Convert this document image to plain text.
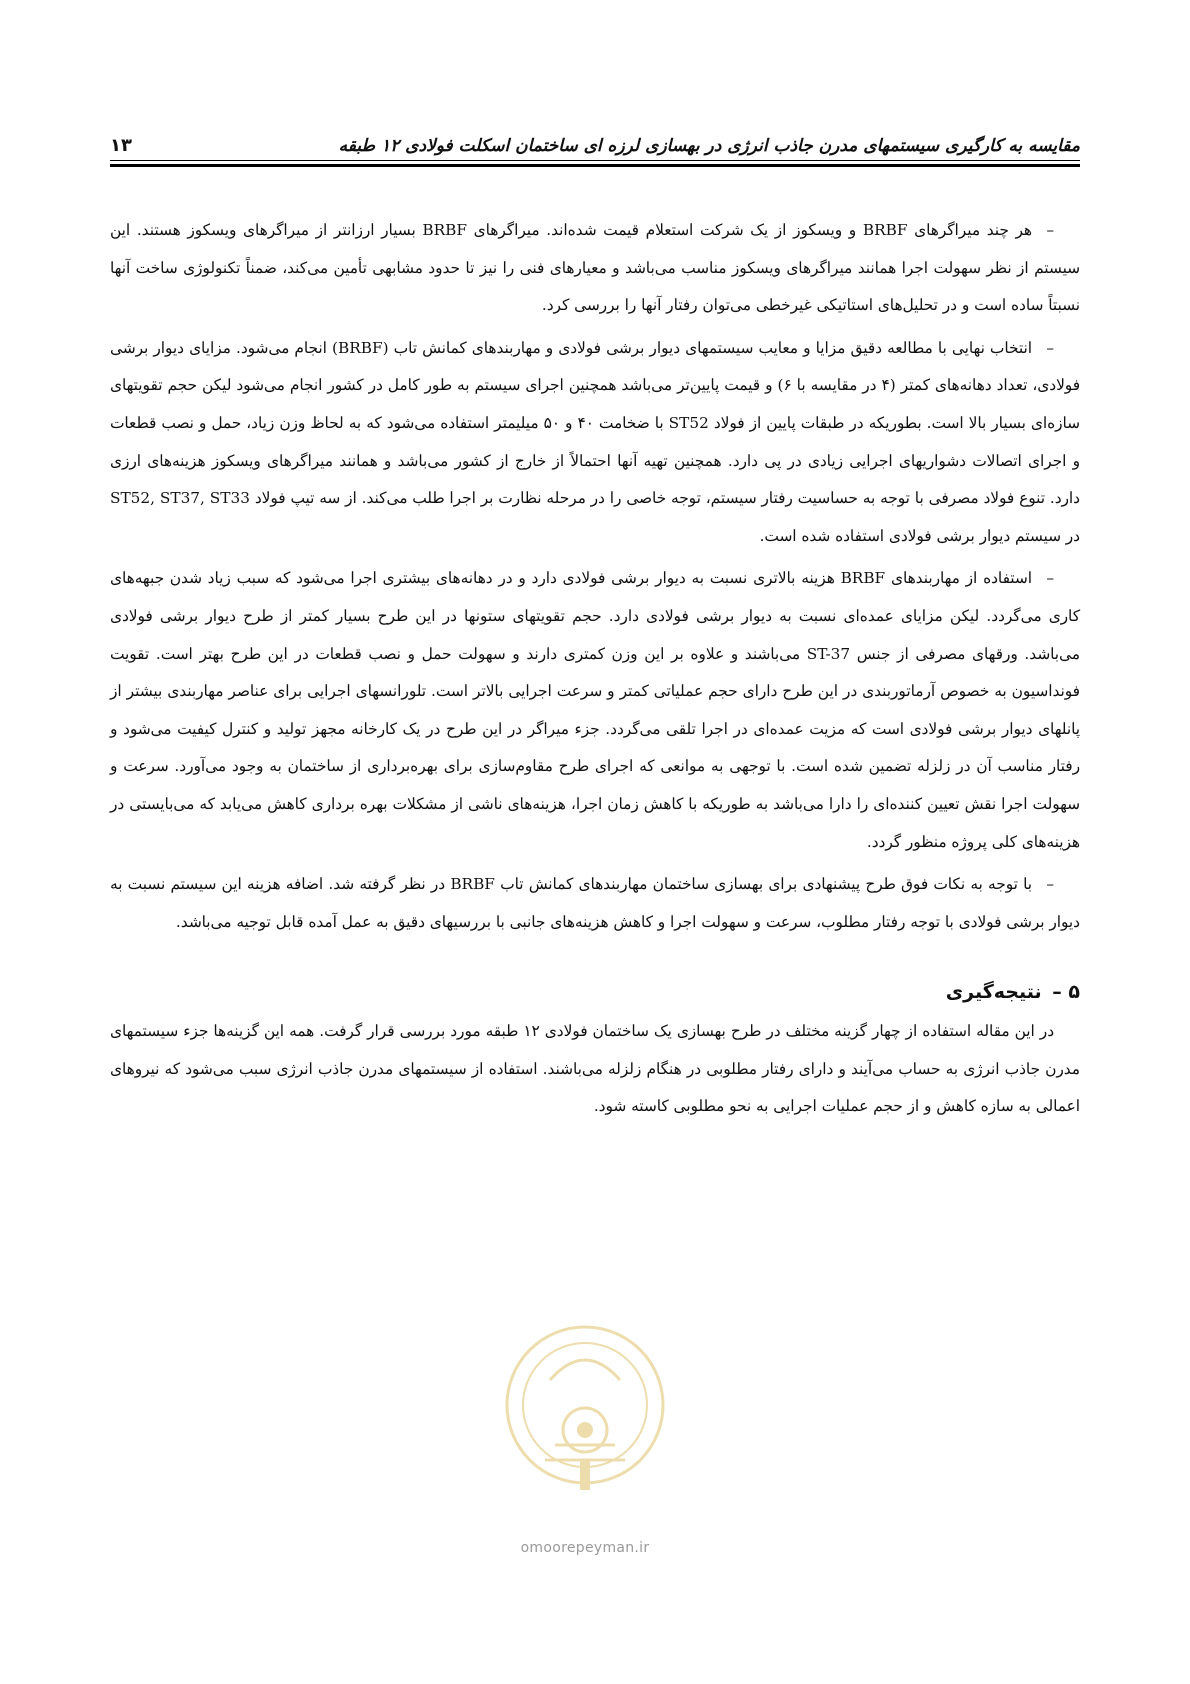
مقایسه به کارگیری سیستمهای مدرن جاذب انرژی در بهسازی لرزه ای ساختمان اسکلت فولادی ۱۲ طبقه
۱۳

–هر چند میراگرهای BRBF و ویسکوز از یک شرکت استعلام قیمت شده‌اند. میراگرهای BRBF بسیار ارزانتر از میراگرهای ویسکوز هستند. این سیستم از نظر سهولت اجرا همانند میراگرهای ویسکوز مناسب می‌باشد و معیارهای فنی را نیز تا حدود مشابهی تأمین می‌کند، ضمناً تکنولوژی ساخت آنها نسبتاً ساده است و در تحلیل‌های استاتیکی غیرخطی می‌توان رفتار آنها را بررسی کرد.

–انتخاب نهایی با مطالعه دقیق مزایا و معایب سیستمهای دیوار برشی فولادی و مهاربندهای کمانش تاب (BRBF) انجام می‌شود. مزایای دیوار برشی فولادی، تعداد دهانه‌های کمتر (۴ در مقایسه با ۶) و قیمت پایین‌تر می‌باشد همچنین اجرای سیستم به طور کامل در کشور انجام می‌شود لیکن حجم تقویتهای سازه‌ای بسیار بالا است. بطوریکه در طبقات پایین از فولاد ST52 با ضخامت ۴۰ و ۵۰ میلیمتر استفاده می‌شود که به لحاظ وزن زیاد، حمل و نصب قطعات و اجرای اتصالات دشواریهای اجرایی زیادی در پی دارد. همچنین تهیه آنها احتمالاً از خارج از کشور می‌باشد و همانند میراگرهای ویسکوز هزینه‌های ارزی دارد. تنوع فولاد مصرفی با توجه به حساسیت رفتار سیستم، توجه خاصی را در مرحله نظارت بر اجرا طلب می‌کند. از سه تیپ فولاد ST52, ST37, ST33 در سیستم دیوار برشی فولادی استفاده شده است.

–استفاده از مهاربندهای BRBF هزینه بالاتری نسبت به دیوار برشی فولادی دارد و در دهانه‌های بیشتری اجرا می‌شود که سبب زیاد شدن جبهه‌های کاری می‌گردد. لیکن مزایای عمده‌ای نسبت به دیوار برشی فولادی دارد. حجم تقویتهای ستونها در این طرح بسیار کمتر از طرح دیوار برشی فولادی می‌باشد. ورقهای مصرفی از جنس ST-37 می‌باشند و علاوه بر این وزن کمتری دارند و سهولت حمل و نصب قطعات در این طرح بهتر است. تقویت فونداسیون به خصوص آرماتوربندی در این طرح دارای حجم عملیاتی کمتر و سرعت اجرایی بالاتر است. تلورانسهای اجرایی برای عناصر مهاربندی بیشتر از پانلهای دیوار برشی فولادی است که مزیت عمده‌ای در اجرا تلقی می‌گردد. جزء میراگر در این طرح در یک کارخانه مجهز تولید و کنترل کیفیت می‌شود و رفتار مناسب آن در زلزله تضمین شده است. با توجهی به موانعی که اجرای طرح مقاوم‌سازی برای بهره‌برداری از ساختمان به وجود می‌آورد. سرعت و سهولت اجرا نقش تعیین کننده‌ای را دارا می‌باشد به طوریکه با کاهش زمان اجرا، هزینه‌های ناشی از مشکلات بهره برداری کاهش می‌یابد که می‌بایستی در هزینه‌های کلی پروژه منظور گردد.

–با توجه به نکات فوق طرح پیشنهادی برای بهسازی ساختمان مهاربندهای کمانش تاب BRBF در نظر گرفته شد. اضافه هزینه این سیستم نسبت به دیوار برشی فولادی با توجه رفتار مطلوب، سرعت و سهولت اجرا و کاهش هزینه‌های جانبی با بررسیهای دقیق به عمل آمده قابل توجیه می‌باشد.

۵ – نتیجه‌گیری

در این مقاله استفاده از چهار گزینه مختلف در طرح بهسازی یک ساختمان فولادی ۱۲ طبقه مورد بررسی قرار گرفت. همه این گزینه‌ها جزء سیستمهای مدرن جاذب انرژی به حساب می‌آیند و دارای رفتار مطلوبی در هنگام زلزله می‌باشند. استفاده از سیستمهای مدرن جاذب انرژی سبب می‌شود که نیروهای اعمالی به سازه کاهش و از حجم عملیات اجرایی به نحو مطلوبی کاسته شود.

omoorepeyman.ir
